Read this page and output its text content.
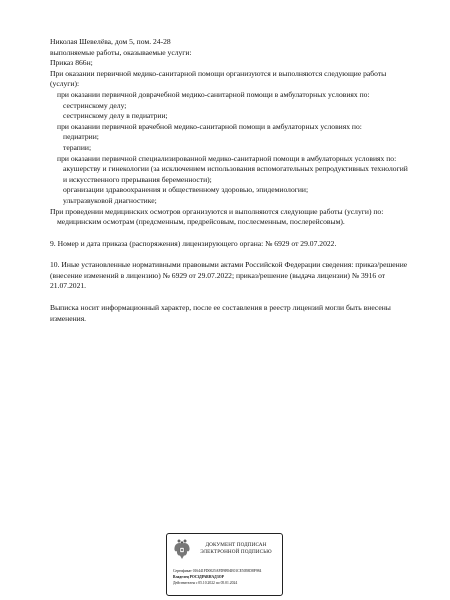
Николая Шевелёва, дом 5, пом. 24-28
выполняемые работы, оказываемые услуги:
Приказ 866н;
При оказании первичной медико-санитарной помощи организуются и выполняются следующие работы (услуги):
при оказании первичной доврачебной медико-санитарной помощи в амбулаторных условиях по:
сестринскому делу;
сестринскому делу в педиатрии;
при оказании первичной врачебной медико-санитарной помощи в амбулаторных условиях по:
педиатрии;
терапии;
при оказании первичной специализированной медико-санитарной помощи в амбулаторных условиях по:
акушерству и гинекологии (за исключением использования вспомогательных репродуктивных технологий и искусственного прерывания беременности);
организации здравоохранения и общественному здоровью, эпидемиологии;
ультразвуковой диагностике;
При проведении медицинских осмотров организуются и выполняются следующие работы (услуги) по:
медицинским осмотрам (предсменным, предрейсовым, послесменным, послерейсовым).
9. Номер и дата приказа (распоряжения) лицензирующего органа: № 6929 от 29.07.2022.
10. Иные установленные нормативными правовыми актами Российской Федерации сведения: приказ/решение (внесение изменений в лицензию) № 6929 от 29.07.2022; приказ/решение (выдача лицензии) № 3916 от 21.07.2021.
Выписка носит информационный характер, после ее составления в реестр лицензий могли быть внесены изменения.
ДОКУМЕНТ ПОДПИСАН
ЭЛЕКТРОННОЙ ПОДПИСЬЮ
Сертификат 016441FD0025AFD9B94E01CE5058D8F984
Владелец РОСЗДРАВНАДЗОР
Действителен с 05.10.2022 по 05.01.2024
